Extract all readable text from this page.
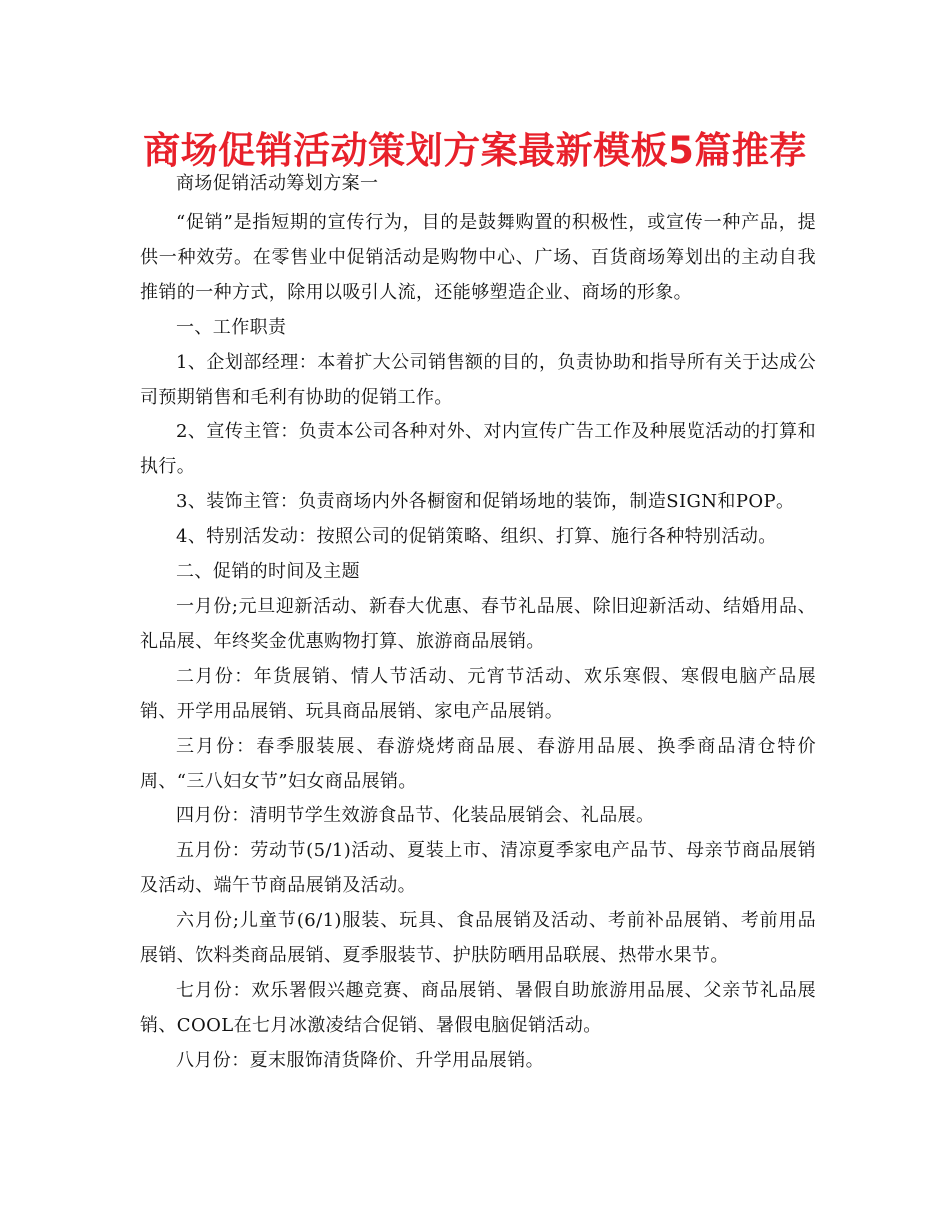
商场促销活动策划方案最新模板5篇推荐

商场促销活动筹划方案一

“促销”是指短期的宣传行为，目的是鼓舞购置的积极性，或宣传一种产品，提供一种效劳。在零售业中促销活动是购物中心、广场、百货商场筹划出的主动自我推销的一种方式，除用以吸引人流，还能够塑造企业、商场的形象。

一、工作职责

1、企划部经理：本着扩大公司销售额的目的，负责协助和指导所有关于达成公司预期销售和毛利有协助的促销工作。

2、宣传主管：负责本公司各种对外、对内宣传广告工作及种展览活动的打算和执行。

3、装饰主管：负责商场内外各橱窗和促销场地的装饰，制造SIGN和POP。

4、特别活发动：按照公司的促销策略、组织、打算、施行各种特别活动。

二、促销的时间及主题

一月份;元旦迎新活动、新春大优惠、春节礼品展、除旧迎新活动、结婚用品、礼品展、年终奖金优惠购物打算、旅游商品展销。

二月份：年货展销、情人节活动、元宵节活动、欢乐寒假、寒假电脑产品展销、开学用品展销、玩具商品展销、家电产品展销。

三月份：春季服装展、春游烧烤商品展、春游用品展、换季商品清仓特价周、“三八妇女节”妇女商品展销。

四月份：清明节学生效游食品节、化装品展销会、礼品展。

五月份：劳动节(5/1)活动、夏装上市、清凉夏季家电产品节、母亲节商品展销及活动、端午节商品展销及活动。

六月份;儿童节(6/1)服装、玩具、食品展销及活动、考前补品展销、考前用品展销、饮料类商品展销、夏季服装节、护肤防晒用品联展、热带水果节。

七月份：欢乐署假兴趣竞赛、商品展销、暑假自助旅游用品展、父亲节礼品展销、COOL在七月冰激凌结合促销、暑假电脑促销活动。

八月份：夏末服饰清货降价、升学用品展销。
